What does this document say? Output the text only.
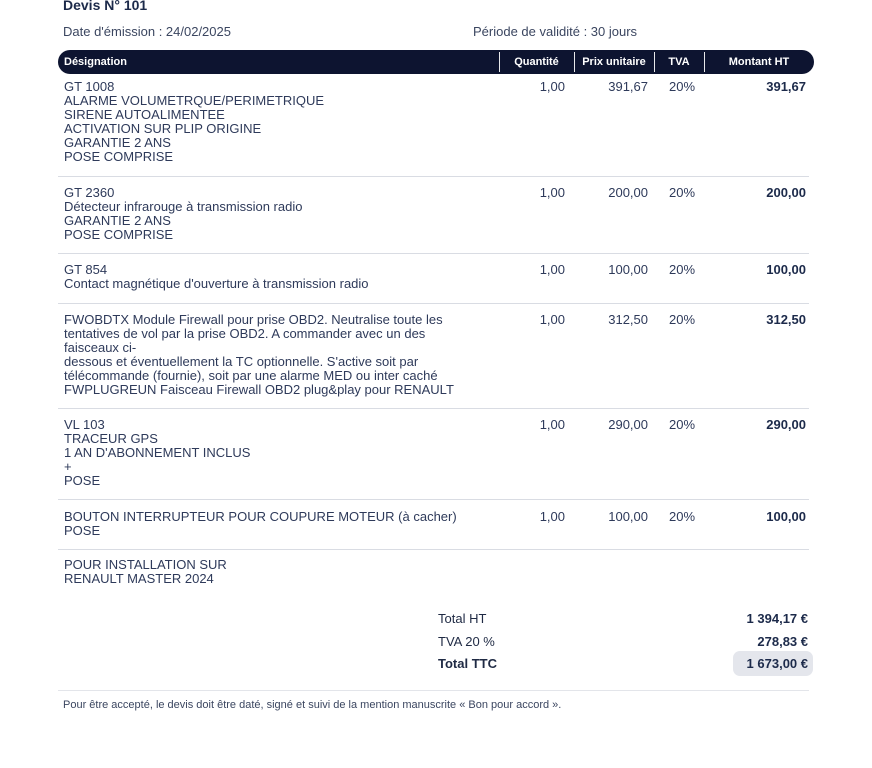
Devis N° 101
Date d'émission : 24/02/2025	Période de validité : 30 jours
Désignation	Quantité	Prix unitaire	TVA	Montant HT
GT 1008
ALARME VOLUMETRQUE/PERIMETRIQUE
SIRENE AUTOALIMENTEE
ACTIVATION SUR PLIP ORIGINE
GARANTIE 2 ANS
POSE COMPRISE
1,00	391,67	20%	391,67
GT 2360
Détecteur infrarouge à transmission radio
GARANTIE 2 ANS
POSE COMPRISE
1,00	200,00	20%	200,00
GT 854
Contact magnétique d'ouverture à transmission radio
1,00	100,00	20%	100,00
FWOBDTX Module Firewall pour prise OBD2. Neutralise toute les
tentatives de vol par la prise OBD2. A commander avec un des
faisceaux ci-
dessous et éventuellement la TC optionnelle. S'active soit par
télécommande (fournie), soit par une alarme MED ou inter caché
FWPLUGREUN Faisceau Firewall OBD2 plug&play pour RENAULT
1,00	312,50	20%	312,50
VL 103
TRACEUR GPS
1 AN D'ABONNEMENT INCLUS
+
POSE
1,00	290,00	20%	290,00
BOUTON INTERRUPTEUR POUR COUPURE MOTEUR (à cacher)
POSE
1,00	100,00	20%	100,00
POUR INSTALLATION SUR
RENAULT MASTER 2024
Total HT	1 394,17 €
TVA 20 %	278,83 €
Total TTC	1 673,00 €
Pour être accepté, le devis doit être daté, signé et suivi de la mention manuscrite « Bon pour accord ».
